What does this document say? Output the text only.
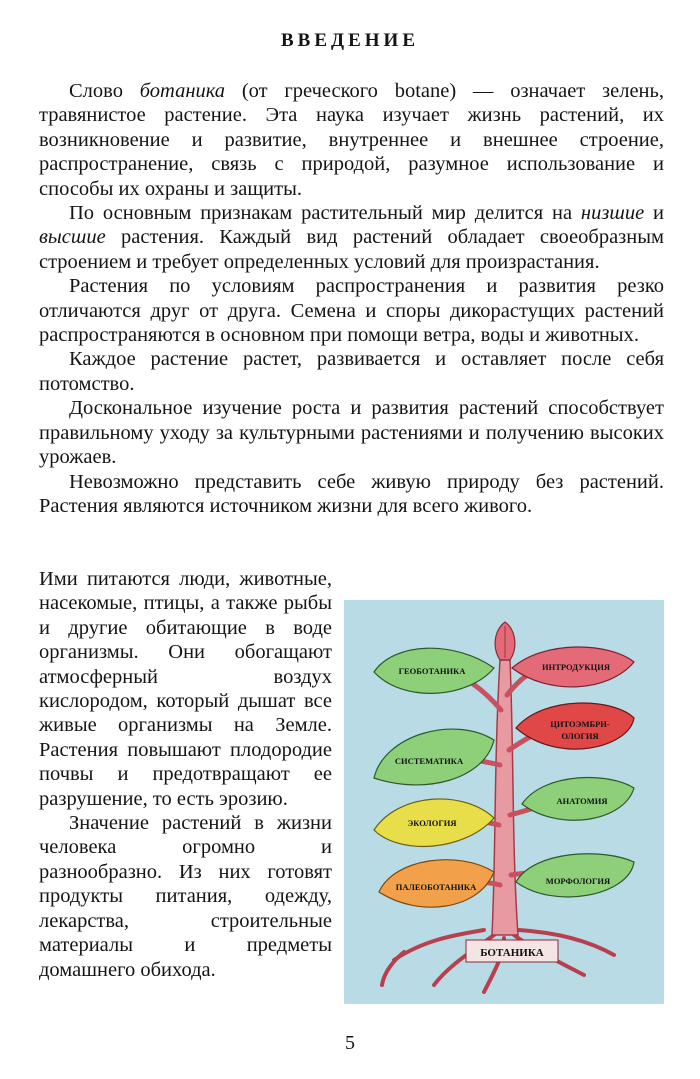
ВВЕДЕНИЕ

Слово ботаника (от греческого botane) — означает зелень, травянистое растение. Эта наука изучает жизнь растений, их возникновение и развитие, внутреннее и внешнее строение, распространение, связь с природой, разумное использование и способы их охраны и защиты.

По основным признакам растительный мир делится на низшие и высшие растения. Каждый вид растений обладает своеобразным строением и требует определенных условий для произрастания.

Растения по условиям распространения и развития резко отличаются друг от друга. Семена и споры дикорастущих растений распространяются в основном при помощи ветра, воды и животных.

Каждое растение растет, развивается и оставляет после себя потомство.

Доскональное изучение роста и развития растений способствует правильному уходу за культурными растениями и получению высоких урожаев.

Невозможно представить себе живую природу без растений. Растения являются источником жизни для всего живого.

Ими питаются люди, животные, насекомые, птицы, а также рыбы и другие обитающие в воде организмы. Они обогащают атмосферный воздух кислородом, который дышат все живые организмы на Земле. Растения повышают плодородие почвы и предотвращают ее разрушение, то есть эрозию.

Значение растений в жизни человека огромно и разнообразно. Из них готовят продукты питания, одежду, лекарства, строительные материалы и предметы домашнего обихода.

ГЕОБОТАНИКА
СИСТЕМАТИКА
ЭКОЛОГИЯ
ПАЛЕОБОТАНИКА
ИНТРОДУКЦИЯ
ЦИТОЭМБРИ-
ОЛОГИЯ
АНАТОМИЯ
МОРФОЛОГИЯ
БОТАНИКА
5
